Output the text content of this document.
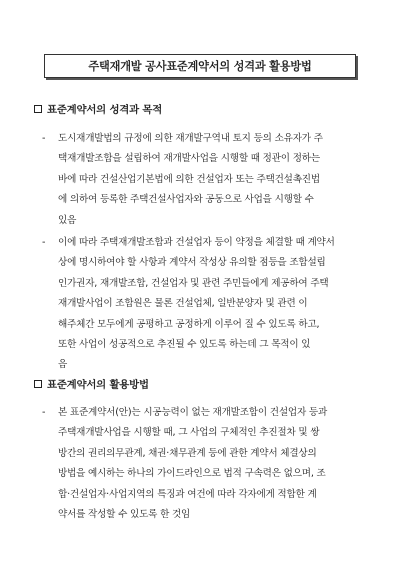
주택재개발 공사표준계약서의 성격과 활용방법
표준계약서의 성격과 목적
- 도시재개발법의 규정에 의한 재개발구역내 토지 등의 소유자가 주
택재개발조합을 설립하여 재개발사업을 시행할 때 정관이 정하는
바에 따라 건설산업기본법에 의한 건설업자 또는 주택건설촉진법
에 의하여 등록한 주택건설사업자와 공동으로 사업을 시행할 수
있음
- 이에 따라 주택재개발조합과 건설업자 등이 약정을 체결할 때 계약서
상에 명시하여야 할 사항과 계약서 작성상 유의할 점등을 조합설립
인가권자, 재개발조합, 건설업자 및 관련 주민들에게 제공하여 주택
재개발사업이 조합원은 물론 건설업체, 일반분양자 및 관련 이
해주체간 모두에게 공평하고 공정하게 이루어 질 수 있도록 하고,
또한 사업이 성공적으로 추진될 수 있도록 하는데 그 목적이 있
음
표준계약서의 활용방법
- 본 표준계약서(안)는 시공능력이 없는 재개발조합이 건설업자 등과
주택재개발사업을 시행할 때, 그 사업의 구체적인 추진절차 및 쌍
방간의 권리의무관계, 채권·채무관계 등에 관한 계약서 체결상의
방법을 예시하는 하나의 가이드라인으로 법적 구속력은 없으며, 조
합·건설업자·사업지역의 특징과 여건에 따라 각자에게 적합한 계
약서를 작성할 수 있도록 한 것임
